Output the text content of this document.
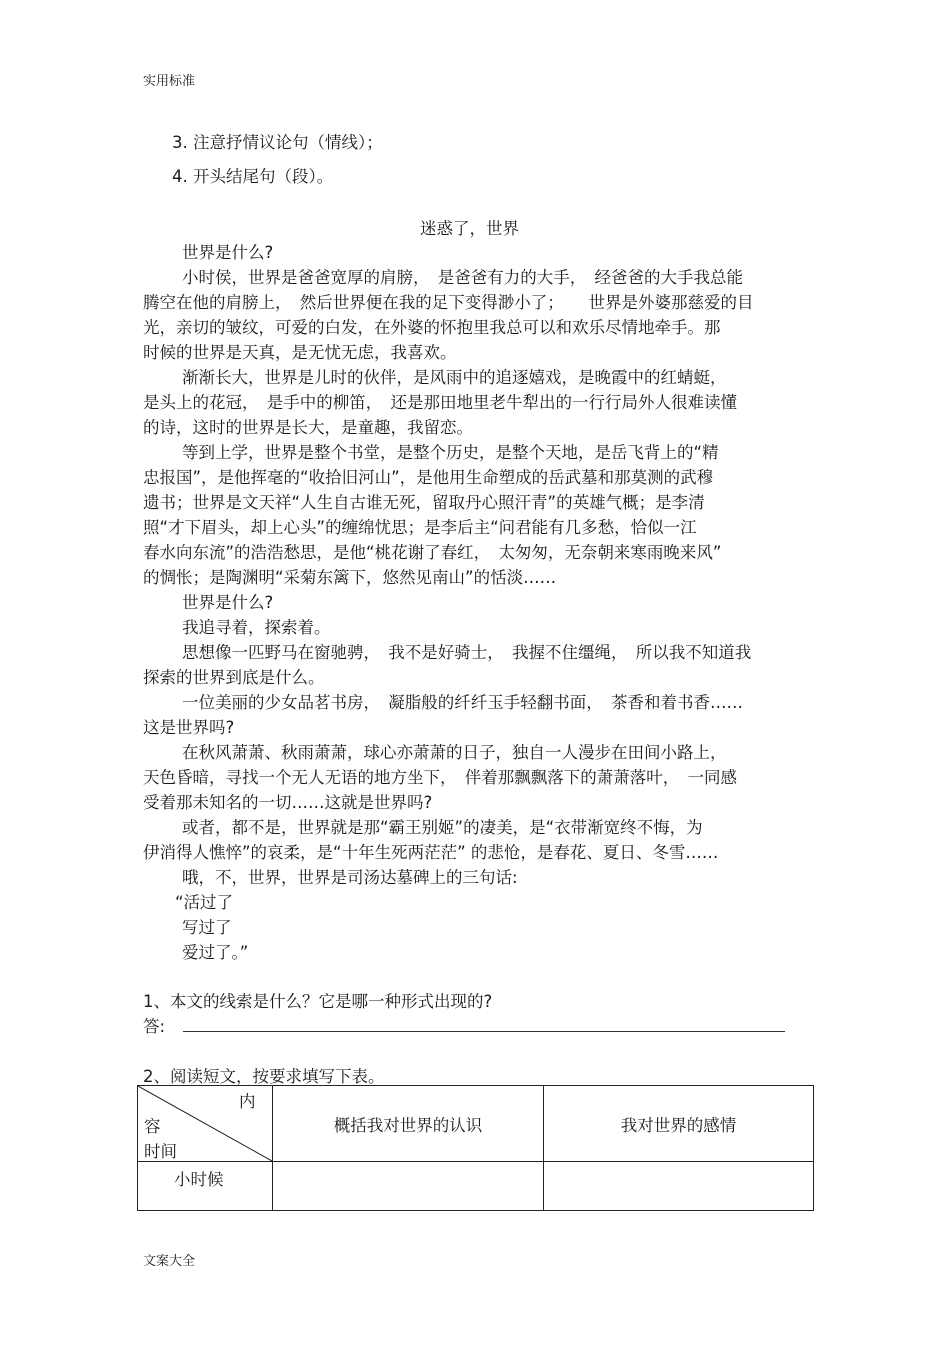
实用标准
3. 注意抒情议论句（情线）；
4. 开头结尾句（段）。
迷惑了，世界
世界是什么?
小时侯，世界是爸爸宽厚的肩膀，　是爸爸有力的大手，　经爸爸的大手我总能
腾空在他的肩膀上，　然后世界便在我的足下变得渺小了；　　世界是外婆那慈爱的目
光，亲切的皱纹，可爱的白发，在外婆的怀抱里我总可以和欢乐尽情地牵手。那
时候的世界是天真，是无忧无虑，我喜欢。
渐渐长大，世界是儿时的伙伴，是风雨中的追逐嬉戏，是晚霞中的红蜻蜓，
是头上的花冠，　是手中的柳笛，　还是那田地里老牛犁出的一行行局外人很难读懂
的诗，这时的世界是长大，是童趣，我留恋。
等到上学，世界是整个书堂，是整个历史，是整个天地，是岳飞背上的“精
忠报国”，是他挥毫的“收拾旧河山”，是他用生命塑成的岳武墓和那莫测的武穆
遗书；世界是文天祥“人生自古谁无死，留取丹心照汗青”的英雄气概；是李清
照“才下眉头，却上心头”的缠绵忧思；是李后主“问君能有几多愁，恰似一江
春水向东流”的浩浩愁思，是他“桃花谢了春红，　太匆匆，无奈朝来寒雨晚来风”
的惆怅；是陶渊明“采菊东篱下，悠然见南山”的恬淡……
世界是什么?
我追寻着，探索着。
思想像一匹野马在窗驰骋，　我不是好骑士，　我握不住缰绳，　所以我不知道我
探索的世界到底是什么。
一位美丽的少女品茗书房，　凝脂般的纤纤玉手轻翻书面，　茶香和着书香……
这是世界吗?
在秋风萧萧、秋雨萧萧，球心亦萧萧的日子，独自一人漫步在田间小路上，
天色昏暗，寻找一个无人无语的地方坐下，　伴着那飘飘落下的萧萧落叶，　一同感
受着那未知名的一切……这就是世界吗?
或者，都不是，世界就是那“霸王别姬”的凄美，是“衣带渐宽终不悔，为
伊消得人憔悴”的哀柔，是“十年生死两茫茫” 的悲怆，是春花、夏日、冬雪……
哦，不，世界，世界是司汤达墓碑上的三句话:
“活过了
写过了
爱过了。”
1、本文的线索是什么？它是哪一种形式出现的?
答:
2、阅读短文，按要求填写下表。
内
容
时间	概括我对世界的认识	我对世界的感情
小时候		
文案大全
